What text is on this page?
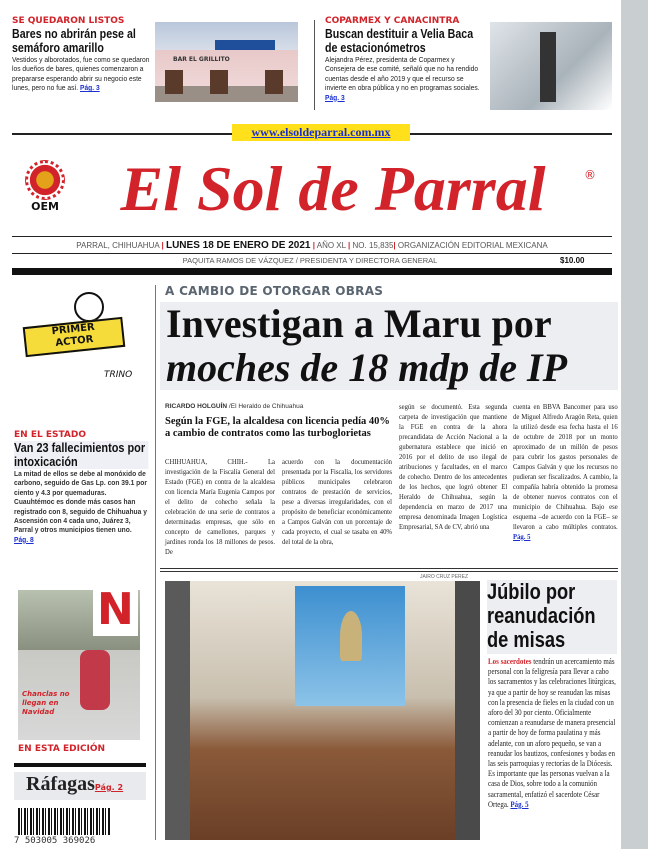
SE QUEDARON LISTOS
Bares no abrirán pese al semáforo amarillo
Vestidos y alborotados, fue como se quedaron los dueños de bares, quienes comenzaron a prepararse esperando abrir su negocio este lunes, pero no fue así. Pág. 3
BAR EL GRILLITO
COPARMEX Y CANACINTRA
Buscan destituir a Velia Baca de estacionómetros
Alejandra Pérez, presidenta de Coparmex y Consejera de ese comité, señaló que no ha rendido cuentas desde el año 2019 y que el recurso se invierte en obra pública y no en programas sociales. Pág. 3
www.elsoldeparral.com.mx
OEM El Sol de Parral	®
PARRAL, CHIHUAHUA | LUNES 18 DE ENERO DE 2021 | AÑO XL | NO. 15,835| ORGANIZACIÓN EDITORIAL MEXICANA
PAQUITA RAMOS DE VÁZQUEZ / PRESIDENTA Y DIRECTORA GENERAL	$10.00
PRIMER
ACTOR
TRINO
EN EL ESTADO
Van 23 fallecimientos por intoxicación
La mitad de ellos se debe al monóxido de carbono, seguido de Gas Lp. con 39.1 por ciento y 4.3 por quemaduras. Cuauhtémoc es donde más casos han registrado con 8, seguido de Chihuahua y Ascensión con 4 cada uno, Juárez 3, Parral y otros municipios tienen uno. Pág. 8
N
Chanclas no llegan en Navidad
EN ESTA EDICIÓN
RáfagasPág. 2
7 503005 369026
A CAMBIO DE OTORGAR OBRAS
Investigan a Maru por
moches de 18 mdp de IP
RICARDO HOLGUÍN /El Heraldo de Chihuahua
Según la FGE, la alcaldesa con licencia pedía 40% a cambio de contratos como las turboglorietas
CHIHUAHUA, CHIH.- La investigación de la Fiscalía General del Estado (FGE) en contra de la alcaldesa con licencia María Eugenia Campos por el delito de cohecho señala la celebración de una serie de contratos a determinadas empresas, que sólo en concepto de camellones, parques y jardines ronda los 18 millones de pesos. De
acuerdo con la documentación presentada por la Fiscalía, los servidores públicos municipales celebraron contratos de prestación de servicios, pese a diversas irregularidades, con el propósito de beneficiar económicamente a Campos Galván con un porcentaje de cada proyecto, el cual se tasaba en 40% del total de la obra,
según se documentó. Esta segunda carpeta de investigación que mantiene la FGE en contra de la ahora precandidata de Acción Nacional a la gubernatura establece que inició en 2016 por el delito de uso ilegal de atribuciones y facultades, en el marco de cohecho. Dentro de los antecedentes de los hechos, que logró obtener El Heraldo de Chihuahua, según la dependencia en marzo de 2017 una empresa denominada Imagen Logística Empresarial, SA de CV, abrió una
cuenta en BBVA Bancomer para uso de Miguel Alfredo Aragón Reta, quien la utilizó desde esa fecha hasta el 16 de octubre de 2018 por un monto aproximado de un millón de pesos para cubrir los gastos personales de Campos Galván y que los recursos no pudieran ser fiscalizados. A cambio, la compañía habría obtenido la promesa de obtener nuevos contratos con el municipio de Chihuahua. Bajo ese esquema –de acuerdo con la FGE– se llevaron a cabo múltiples contratos. Pág. 5
JAIRO CRUZ PEREZ
Júbilo por reanudación de misas
Los sacerdotes tendrán un acercamiento más personal con la feligresía para llevar a cabo los sacramentos y las celebraciones litúrgicas, ya que a partir de hoy se reanudan las misas con la presencia de fieles en la ciudad con un aforo del 30 por ciento. Oficialmente comienzan a reanudarse de manera presencial a partir de hoy de forma paulatina y más adelante, con un aforo pequeño, se van a reanudar los bautizos, confesiones y bodas en las seis parroquias y rectorías de la Diócesis. Es importante que las personas vuelvan a la casa de Dios, sobre todo a la comunión sacramental, enfatizó el sacerdote César Ortega. Pág. 5
